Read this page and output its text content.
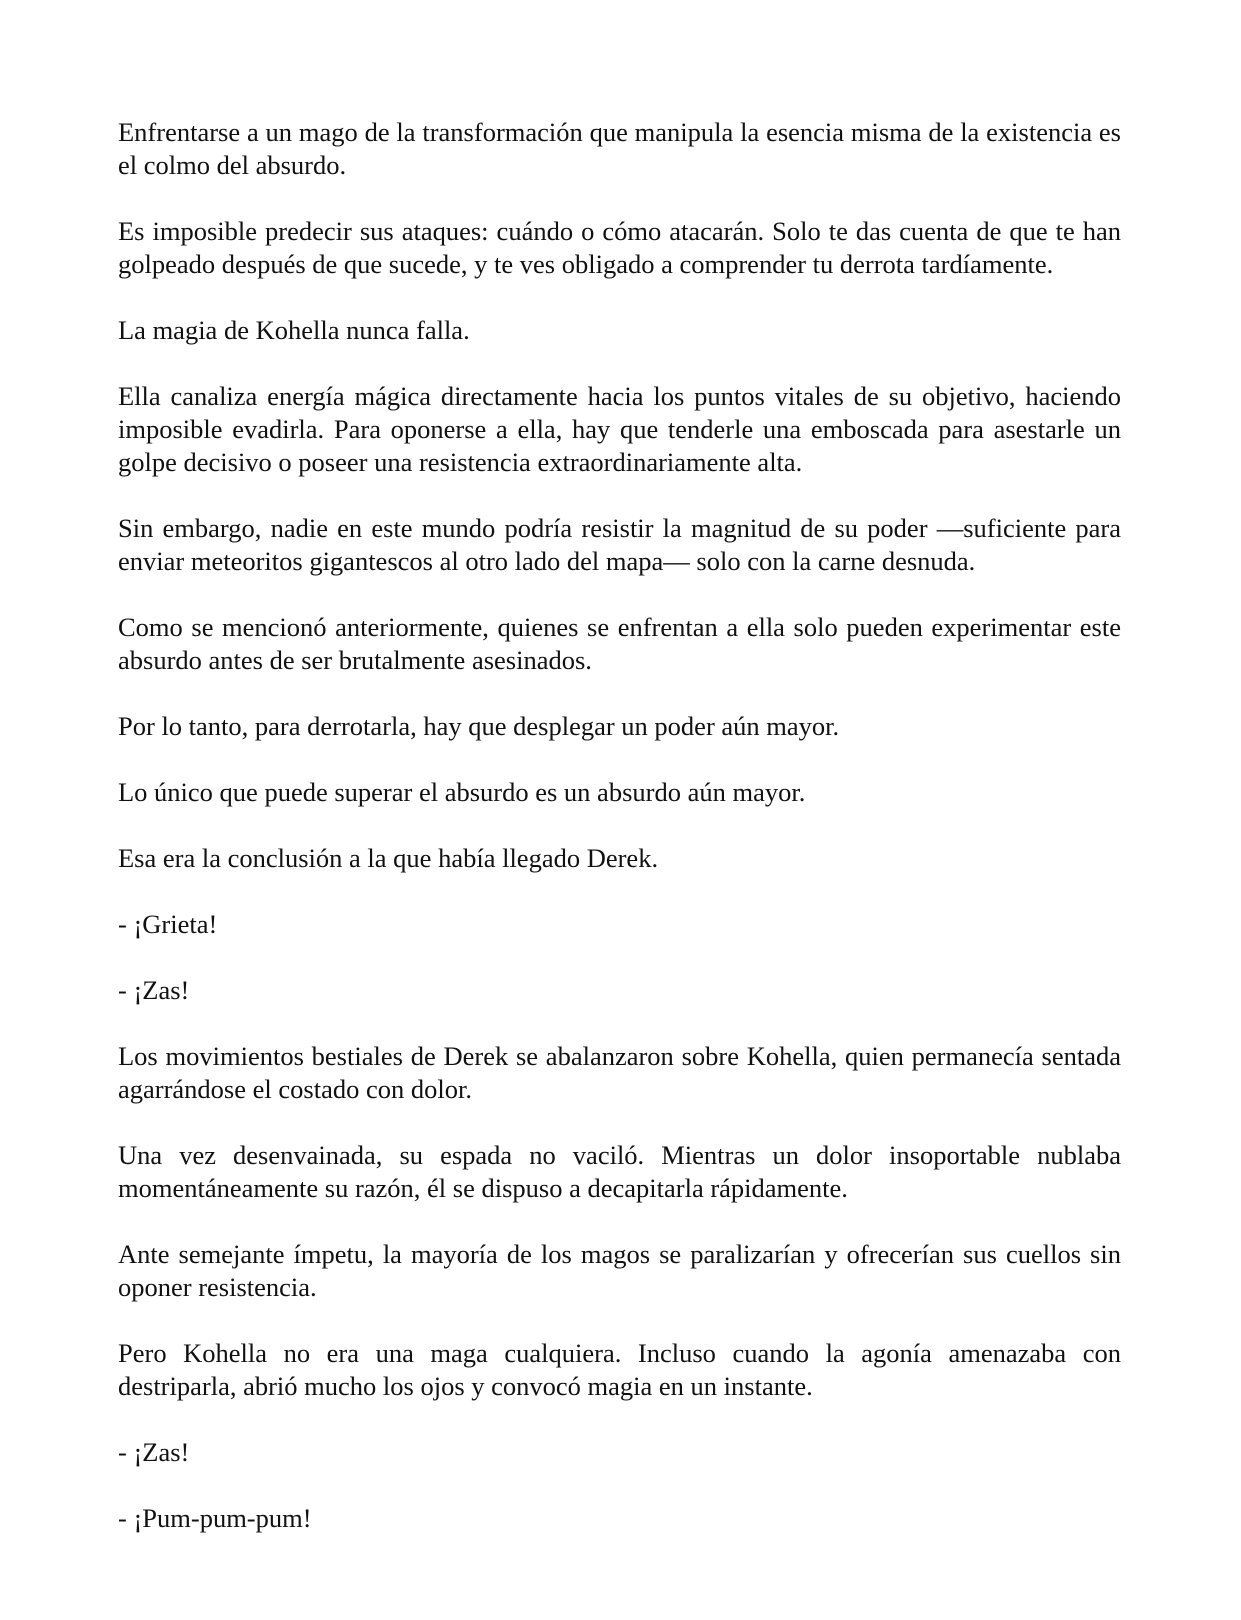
Enfrentarse a un mago de la transformación que manipula la esencia misma de la existencia es el colmo del absurdo.

Es imposible predecir sus ataques: cuándo o cómo atacarán. Solo te das cuenta de que te han golpeado después de que sucede, y te ves obligado a comprender tu derrota tardíamente.

La magia de Kohella nunca falla.

Ella canaliza energía mágica directamente hacia los puntos vitales de su objetivo, haciendo imposible evadirla. Para oponerse a ella, hay que tenderle una emboscada para asestarle un golpe decisivo o poseer una resistencia extraordinariamente alta.

Sin embargo, nadie en este mundo podría resistir la magnitud de su poder —suficiente para enviar meteoritos gigantescos al otro lado del mapa— solo con la carne desnuda.

Como se mencionó anteriormente, quienes se enfrentan a ella solo pueden experimentar este absurdo antes de ser brutalmente asesinados.

Por lo tanto, para derrotarla, hay que desplegar un poder aún mayor.

Lo único que puede superar el absurdo es un absurdo aún mayor.

Esa era la conclusión a la que había llegado Derek.

- ¡Grieta!

- ¡Zas!

Los movimientos bestiales de Derek se abalanzaron sobre Kohella, quien permanecía sentada agarrándose el costado con dolor.

Una vez desenvainada, su espada no vaciló. Mientras un dolor insoportable nublaba momentáneamente su razón, él se dispuso a decapitarla rápidamente.

Ante semejante ímpetu, la mayoría de los magos se paralizarían y ofrecerían sus cuellos sin oponer resistencia.

Pero Kohella no era una maga cualquiera. Incluso cuando la agonía amenazaba con destriparla, abrió mucho los ojos y convocó magia en un instante.

- ¡Zas!

- ¡Pum-pum-pum!
